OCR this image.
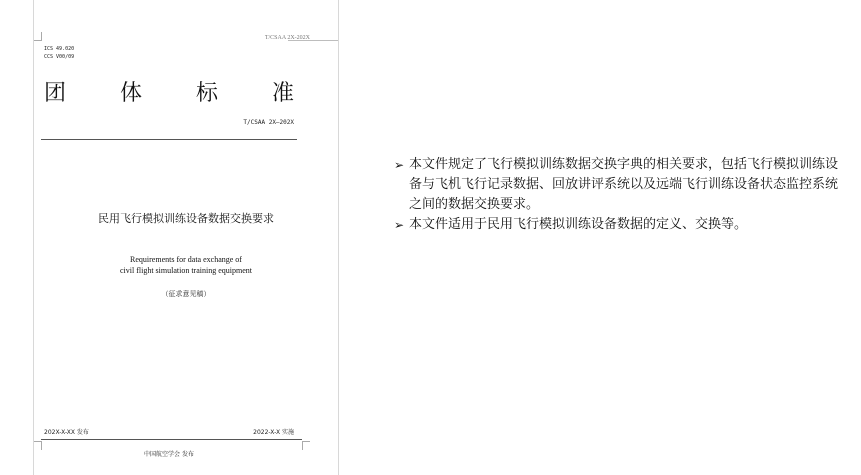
T/CSAA 2X-202X
ICS 49.020
CCS V00/09
团 体 标 准
T/CSAA 2X—202X
民用飞行模拟训练设备数据交换要求
Requirements for data exchange of
civil flight simulation training equipment
（征求意见稿）
202X-X-XX 发布	2022-X-X 实施
中国航空学会 发布
➢ 本文件规定了飞行模拟训练数据交换字典的相关要求，包括飞行模拟训练设备与飞机飞行记录数据、回放讲评系统以及远端飞行训练设备状态监控系统之间的数据交换要求。
➢ 本文件适用于民用飞行模拟训练设备数据的定义、交换等。
